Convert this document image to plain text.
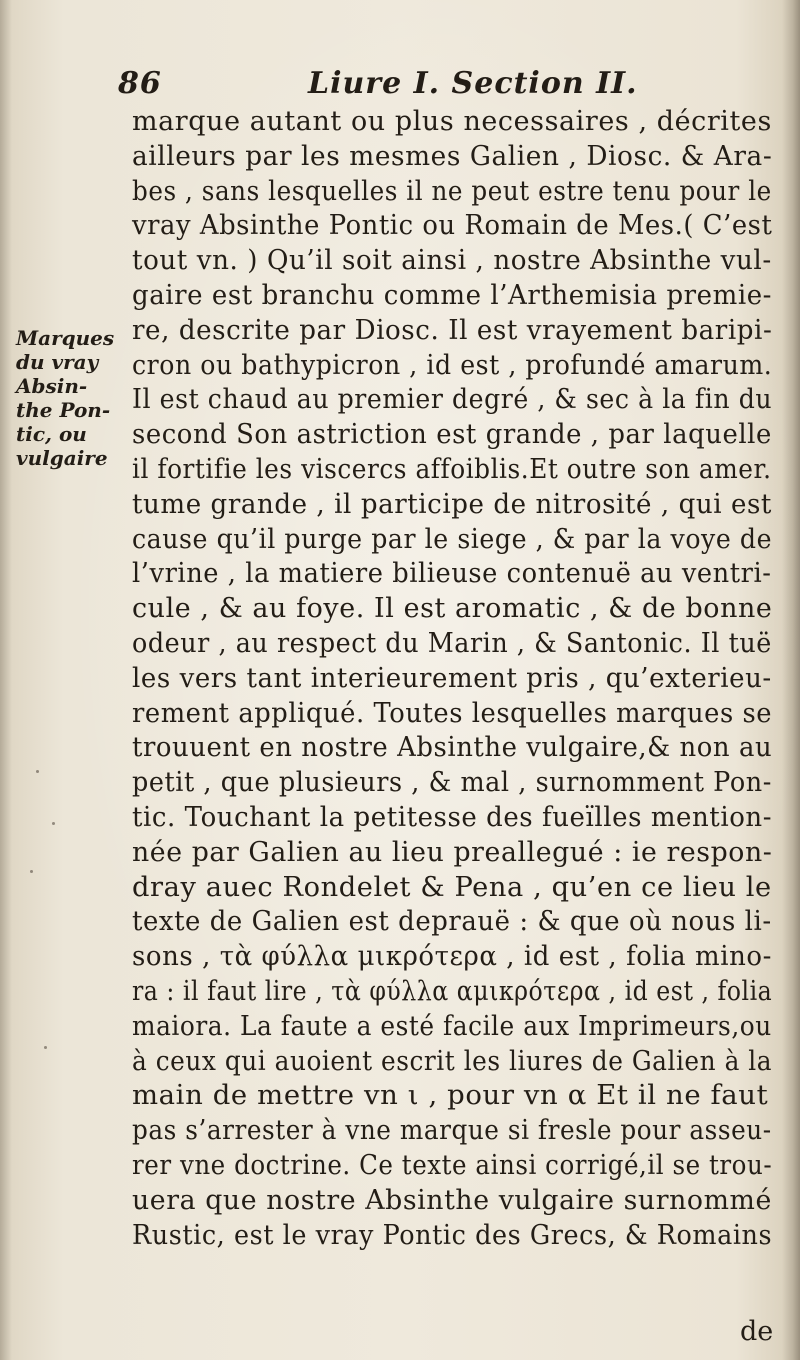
86	Liure I. Section II.
Marques
du vray
Absin-
the Pon-
tic, ou
vulgaire
marque autant ou plus necessaires , décrites
ailleurs par les mesmes Galien , Diosc. & Ara-
bes , sans lesquelles il ne peut estre tenu pour le
vray Absinthe Pontic ou Romain de Mes.( C’est
tout vn. ) Qu’il soit ainsi , nostre Absinthe vul-
gaire est branchu comme l’Arthemisia premie-
re, descrite par Diosc. Il est vrayement baripi-
cron ou bathypicron , id est , profundé amarum.
Il est chaud au premier degré , & sec à la fin du
second Son astriction est grande , par laquelle
il fortifie les viscercs affoiblis.Et outre son amer.
tume grande , il participe de nitrosité , qui est
cause qu’il purge par le siege , & par la voye de
l’vrine , la matiere bilieuse contenuë au ventri-
cule , & au foye. Il est aromatic , & de bonne
odeur , au respect du Marin , & Santonic. Il tuë
les vers tant interieurement pris , qu’exterieu-
rement appliqué. Toutes lesquelles marques se
trouuent en nostre Absinthe vulgaire,& non au
petit , que plusieurs , & mal , surnomment Pon-
tic. Touchant la petitesse des fueïlles mention-
née par Galien au lieu preallegué : ie respon-
dray auec Rondelet & Pena , qu’en ce lieu le
texte de Galien est deprauë : & que où nous li-
sons , τὰ φύλλα μικρότερα , id est , folia mino-
ra : il faut lire , τὰ φύλλα αμικρότερα , id est , folia
maiora. La faute a esté facile aux Imprimeurs,ou
à ceux qui auoient escrit les liures de Galien à la
main de mettre vn ι , pour vn α Et il ne faut
pas s’arrester à vne marque si fresle pour asseu-
rer vne doctrine. Ce texte ainsi corrigé,il se trou-
uera que nostre Absinthe vulgaire surnommé
Rustic, est le vray Pontic des Grecs, & Romains
de
